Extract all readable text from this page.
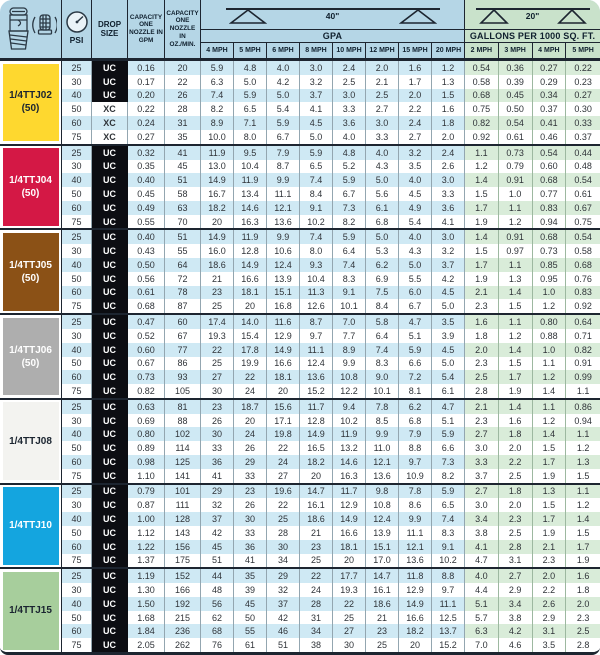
PSI
DROP SIZE
CAPACITY ONE NOZZLE IN GPM
CAPACITY ONE NOZZLE IN OZ./MIN.
40"
GPA
4 MPH	5 MPH	6 MPH	8 MPH	10 MPH	12 MPH	15 MPH	20 MPH
20"
GALLONS PER 1000 SQ. FT.
2 MPH	3 MPH	4 MPH	5 MPH
1/4TTJ02
(50)
25	UC	0.16	20	5.9	4.8	4.0	3.0	2.4	2.0	1.6	1.2	0.54	0.36	0.27	0.22
30	UC	0.17	22	6.3	5.0	4.2	3.2	2.5	2.1	1.7	1.3	0.58	0.39	0.29	0.23
40	UC	0.20	26	7.4	5.9	5.0	3.7	3.0	2.5	2.0	1.5	0.68	0.45	0.34	0.27
50	XC	0.22	28	8.2	6.5	5.4	4.1	3.3	2.7	2.2	1.6	0.75	0.50	0.37	0.30
60	XC	0.24	31	8.9	7.1	5.9	4.5	3.6	3.0	2.4	1.8	0.82	0.54	0.41	0.33
75	XC	0.27	35	10.0	8.0	6.7	5.0	4.0	3.3	2.7	2.0	0.92	0.61	0.46	0.37
1/4TTJ04
(50)
25	UC	0.32	41	11.9	9.5	7.9	5.9	4.8	4.0	3.2	2.4	1.1	0.73	0.54	0.44
30	UC	0.35	45	13.0	10.4	8.7	6.5	5.2	4.3	3.5	2.6	1.2	0.79	0.60	0.48
40	UC	0.40	51	14.9	11.9	9.9	7.4	5.9	5.0	4.0	3.0	1.4	0.91	0.68	0.54
50	UC	0.45	58	16.7	13.4	11.1	8.4	6.7	5.6	4.5	3.3	1.5	1.0	0.77	0.61
60	UC	0.49	63	18.2	14.6	12.1	9.1	7.3	6.1	4.9	3.6	1.7	1.1	0.83	0.67
75	UC	0.55	70	20	16.3	13.6	10.2	8.2	6.8	5.4	4.1	1.9	1.2	0.94	0.75
1/4TTJ05
(50)
25	UC	0.40	51	14.9	11.9	9.9	7.4	5.9	5.0	4.0	3.0	1.4	0.91	0.68	0.54
30	UC	0.43	55	16.0	12.8	10.6	8.0	6.4	5.3	4.3	3.2	1.5	0.97	0.73	0.58
40	UC	0.50	64	18.6	14.9	12.4	9.3	7.4	6.2	5.0	3.7	1.7	1.1	0.85	0.68
50	UC	0.56	72	21	16.6	13.9	10.4	8.3	6.9	5.5	4.2	1.9	1.3	0.95	0.76
60	UC	0.61	78	23	18.1	15.1	11.3	9.1	7.5	6.0	4.5	2.1	1.4	1.0	0.83
75	UC	0.68	87	25	20	16.8	12.6	10.1	8.4	6.7	5.0	2.3	1.5	1.2	0.92
1/4TTJ06
(50)
25	UC	0.47	60	17.4	14.0	11.6	8.7	7.0	5.8	4.7	3.5	1.6	1.1	0.80	0.64
30	UC	0.52	67	19.3	15.4	12.9	9.7	7.7	6.4	5.1	3.9	1.8	1.2	0.88	0.71
40	UC	0.60	77	22	17.8	14.9	11.1	8.9	7.4	5.9	4.5	2.0	1.4	1.0	0.82
50	UC	0.67	86	25	19.9	16.6	12.4	9.9	8.3	6.6	5.0	2.3	1.5	1.1	0.91
60	UC	0.73	93	27	22	18.1	13.6	10.8	9.0	7.2	5.4	2.5	1.7	1.2	0.99
75	UC	0.82	105	30	24	20	15.2	12.2	10.1	8.1	6.1	2.8	1.9	1.4	1.1
1/4TTJ08
25	UC	0.63	81	23	18.7	15.6	11.7	9.4	7.8	6.2	4.7	2.1	1.4	1.1	0.86
30	UC	0.69	88	26	20	17.1	12.8	10.2	8.5	6.8	5.1	2.3	1.6	1.2	0.94
40	UC	0.80	102	30	24	19.8	14.9	11.9	9.9	7.9	5.9	2.7	1.8	1.4	1.1
50	UC	0.89	114	33	26	22	16.5	13.2	11.0	8.8	6.6	3.0	2.0	1.5	1.2
60	UC	0.98	125	36	29	24	18.2	14.6	12.1	9.7	7.3	3.3	2.2	1.7	1.3
75	UC	1.10	141	41	33	27	20	16.3	13.6	10.9	8.2	3.7	2.5	1.9	1.5
1/4TTJ10
25	UC	0.79	101	29	23	19.6	14.7	11.7	9.8	7.8	5.9	2.7	1.8	1.3	1.1
30	UC	0.87	111	32	26	22	16.1	12.9	10.8	8.6	6.5	3.0	2.0	1.5	1.2
40	UC	1.00	128	37	30	25	18.6	14.9	12.4	9.9	7.4	3.4	2.3	1.7	1.4
50	UC	1.12	143	42	33	28	21	16.6	13.9	11.1	8.3	3.8	2.5	1.9	1.5
60	UC	1.22	156	45	36	30	23	18.1	15.1	12.1	9.1	4.1	2.8	2.1	1.7
75	UC	1.37	175	51	41	34	25	20	17.0	13.6	10.2	4.7	3.1	2.3	1.9
1/4TTJ15
25	UC	1.19	152	44	35	29	22	17.7	14.7	11.8	8.8	4.0	2.7	2.0	1.6
30	UC	1.30	166	48	39	32	24	19.3	16.1	12.9	9.7	4.4	2.9	2.2	1.8
40	UC	1.50	192	56	45	37	28	22	18.6	14.9	11.1	5.1	3.4	2.6	2.0
50	UC	1.68	215	62	50	42	31	25	21	16.6	12.5	5.7	3.8	2.9	2.3
60	UC	1.84	236	68	55	46	34	27	23	18.2	13.7	6.3	4.2	3.1	2.5
75	UC	2.05	262	76	61	51	38	30	25	20	15.2	7.0	4.6	3.5	2.8
